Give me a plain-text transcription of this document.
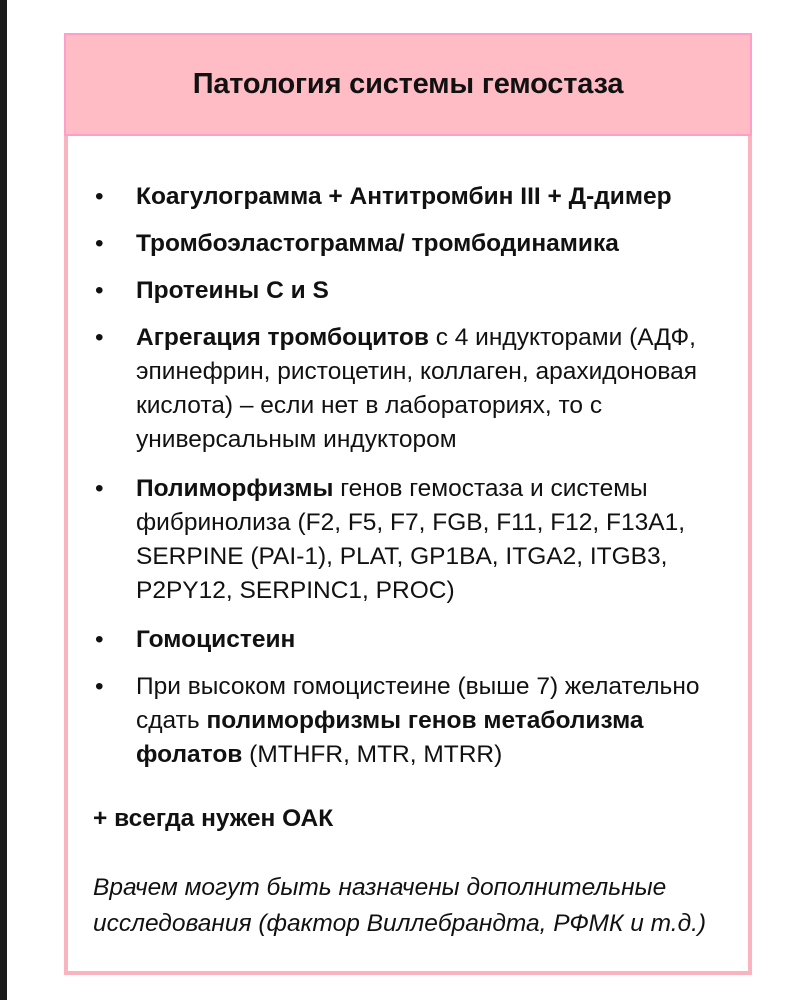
Патология системы гемостаза
• Коагулограмма + Антитромбин III + Д-димер
• Тромбоэластограмма/ тромбодинамика
• Протеины C и S
• Агрегация тромбоцитов с 4 индукторами (АДФ, эпинефрин, ристоцетин, коллаген, арахидоновая кислота) – если нет в лабораториях, то с универсальным индуктором
• Полиморфизмы генов гемостаза и системы фибринолиза (F2, F5, F7, FGB, F11, F12, F13A1, SERPINE (PAI-1), PLAT, GP1BA, ITGA2, ITGB3, P2PY12, SERPINC1, PROC)
• Гомоцистеин
• При высоком гомоцистеине (выше 7) желательно сдать полиморфизмы генов метаболизма фолатов (MTHFR, MTR, MTRR)
+ всегда нужен ОАК
Врачем могут быть назначены дополнительные исследования (фактор Виллебрандта, РФМК и т.д.)
